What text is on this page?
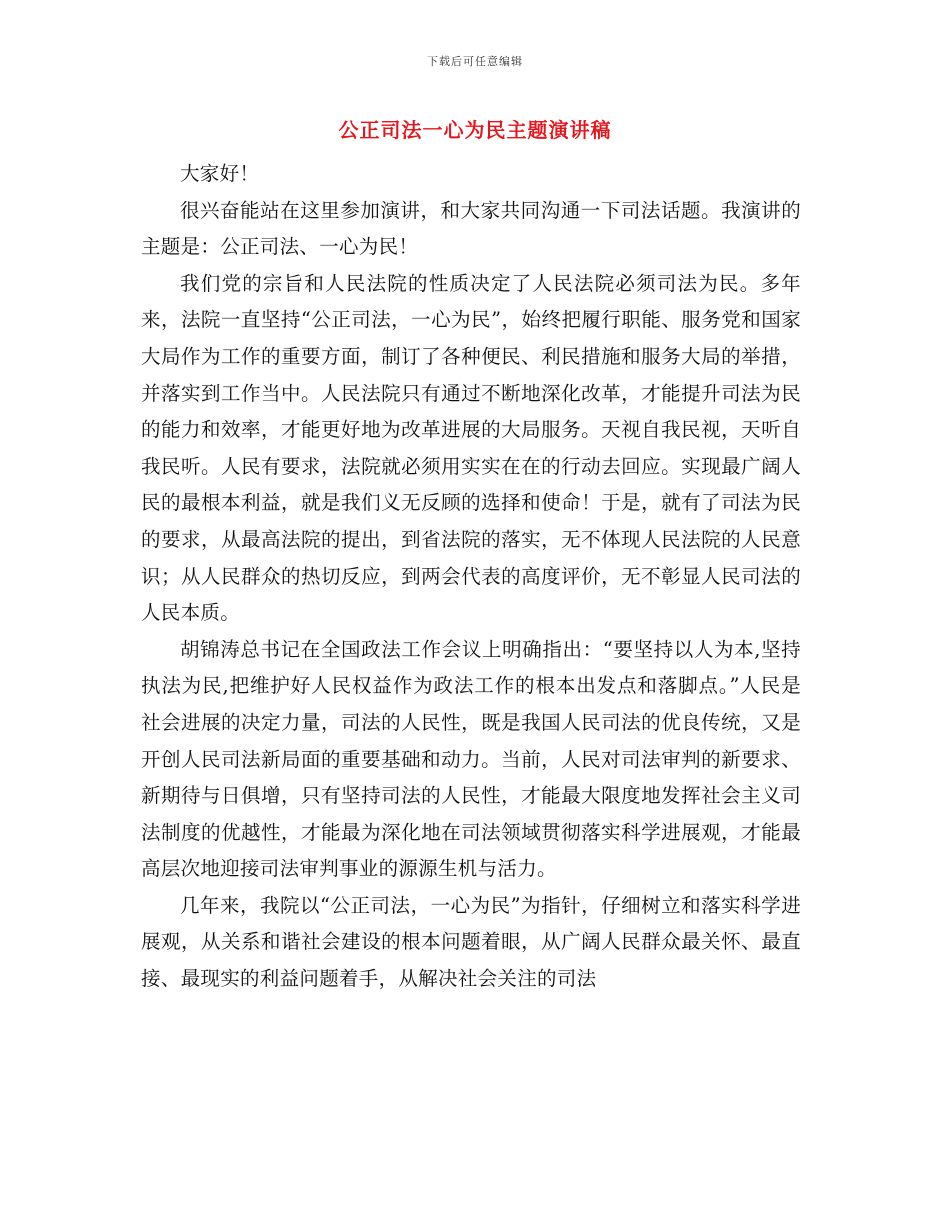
下载后可任意编辑
公正司法一心为民主题演讲稿

大家好！

很兴奋能站在这里参加演讲，和大家共同沟通一下司法话题。我演讲的主题是：公正司法、一心为民！

我们党的宗旨和人民法院的性质决定了人民法院必须司法为民。多年来，法院一直坚持“公正司法，一心为民”，始终把履行职能、服务党和国家大局作为工作的重要方面，制订了各种便民、利民措施和服务大局的举措，并落实到工作当中。人民法院只有通过不断地深化改革，才能提升司法为民的能力和效率，才能更好地为改革进展的大局服务。天视自我民视，天听自我民听。人民有要求，法院就必须用实实在在的行动去回应。实现最广阔人民的最根本利益，就是我们义无反顾的选择和使命！于是，就有了司法为民的要求，从最高法院的提出，到省法院的落实，无不体现人民法院的人民意识；从人民群众的热切反应，到两会代表的高度评价，无不彰显人民司法的人民本质。

胡锦涛总书记在全国政法工作会议上明确指出：“要坚持以人为本,坚持执法为民,把维护好人民权益作为政法工作的根本出发点和落脚点。”人民是社会进展的决定力量，司法的人民性，既是我国人民司法的优良传统，又是开创人民司法新局面的重要基础和动力。当前，人民对司法审判的新要求、新期待与日俱增，只有坚持司法的人民性，才能最大限度地发挥社会主义司法制度的优越性，才能最为深化地在司法领域贯彻落实科学进展观，才能最高层次地迎接司法审判事业的源源生机与活力。

几年来，我院以“公正司法，一心为民”为指针，仔细树立和落实科学进展观，从关系和谐社会建设的根本问题着眼，从广阔人民群众最关怀、最直接、最现实的利益问题着手，从解决社会关注的司法
